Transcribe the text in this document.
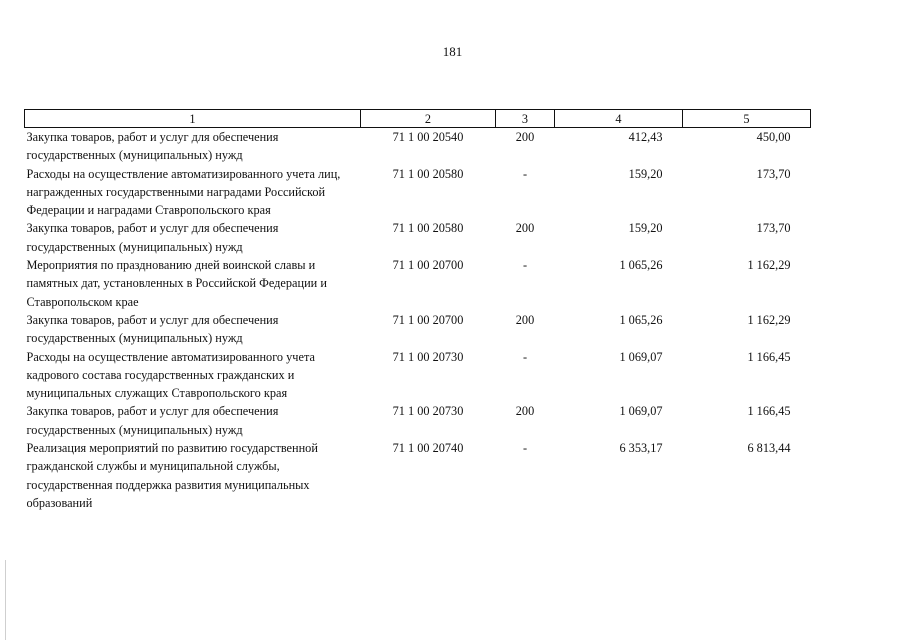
181
1	2	3	4	5
Закупка товаров, работ и услуг для обеспечения государственных (муниципальных) нужд	71 1 00 20540	200	412,43	450,00
Расходы на осуществление автоматизированного учета лиц, награжденных государственными наградами Российской Федерации и наградами Ставропольского края	71 1 00 20580	-	159,20	173,70
Закупка товаров, работ и услуг для обеспечения государственных (муниципальных) нужд	71 1 00 20580	200	159,20	173,70
Мероприятия по празднованию дней воинской славы и памятных дат, установленных в Российской Федерации и Ставропольском крае	71 1 00 20700	-	1 065,26	1 162,29
Закупка товаров, работ и услуг для обеспечения государственных (муниципальных) нужд	71 1 00 20700	200	1 065,26	1 162,29
Расходы на осуществление автоматизированного учета кадрового состава государственных гражданских и муниципальных служащих Ставропольского края	71 1 00 20730	-	1 069,07	1 166,45
Закупка товаров, работ и услуг для обеспечения государственных (муниципальных) нужд	71 1 00 20730	200	1 069,07	1 166,45
Реализация мероприятий по развитию государственной гражданской службы и муниципальной службы, государственная поддержка развития муниципальных образований	71 1 00 20740	-	6 353,17	6 813,44
